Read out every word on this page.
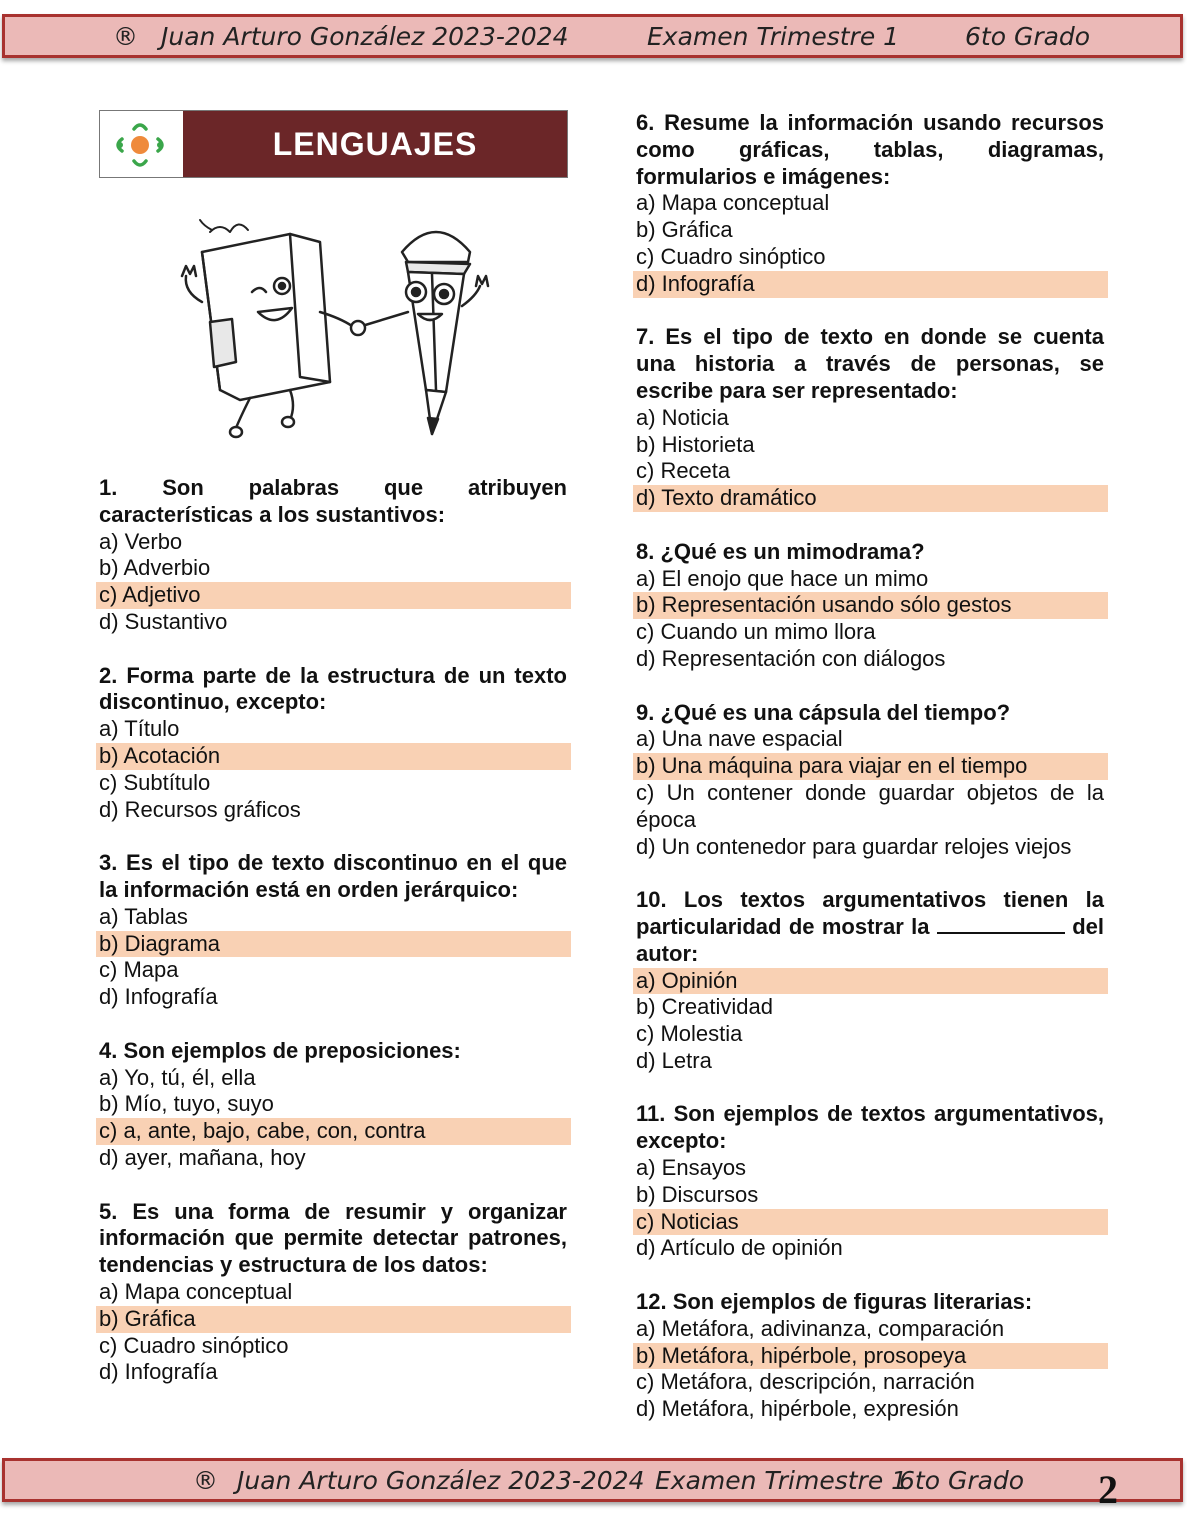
® Juan Arturo González 2023-2024	Examen Trimestre 1	6to Grado
LENGUAJES
1. Son palabras que atribuyen características a los sustantivos:
a) Verbo
b) Adverbio
c) Adjetivo
d) Sustantivo
2. Forma parte de la estructura de un texto discontinuo, excepto:
a) Título
b) Acotación
c) Subtítulo
d) Recursos gráficos
3. Es el tipo de texto discontinuo en el que la información está en orden jerárquico:
a) Tablas
b) Diagrama
c) Mapa
d) Infografía
4. Son ejemplos de preposiciones:
a) Yo, tú, él, ella
b) Mío, tuyo, suyo
c) a, ante, bajo, cabe, con, contra
d) ayer, mañana, hoy
5. Es una forma de resumir y organizar información que permite detectar patrones, tendencias y estructura de los datos:
a) Mapa conceptual
b) Gráfica
c) Cuadro sinóptico
d) Infografía
6. Resume la información usando recursos como gráficas, tablas, diagramas, formularios e imágenes:
a) Mapa conceptual
b) Gráfica
c) Cuadro sinóptico
d) Infografía
7. Es el tipo de texto en donde se cuenta una historia a través de personas, se escribe para ser representado:
a) Noticia
b) Historieta
c) Receta
d) Texto dramático
8. ¿Qué es un mimodrama?
a) El enojo que hace un mimo
b) Representación usando sólo gestos
c) Cuando un mimo llora
d) Representación con diálogos
9. ¿Qué es una cápsula del tiempo?
a) Una nave espacial
b) Una máquina para viajar en el tiempo
c) Un contener donde guardar objetos de la época
d) Un contenedor para guardar relojes viejos
10. Los textos argumentativos tienen la particularidad de mostrar la	del autor:
a) Opinión
b) Creatividad
c) Molestia
d) Letra
11. Son ejemplos de textos argumentativos, excepto:
a) Ensayos
b) Discursos
c) Noticias
d) Artículo de opinión
12. Son ejemplos de figuras literarias:
a) Metáfora, adivinanza, comparación
b) Metáfora, hipérbole, prosopeya
c) Metáfora, descripción, narración
d) Metáfora, hipérbole, expresión
® Juan Arturo González 2023-2024 Examen Trimestre 1
6to Grado 2
